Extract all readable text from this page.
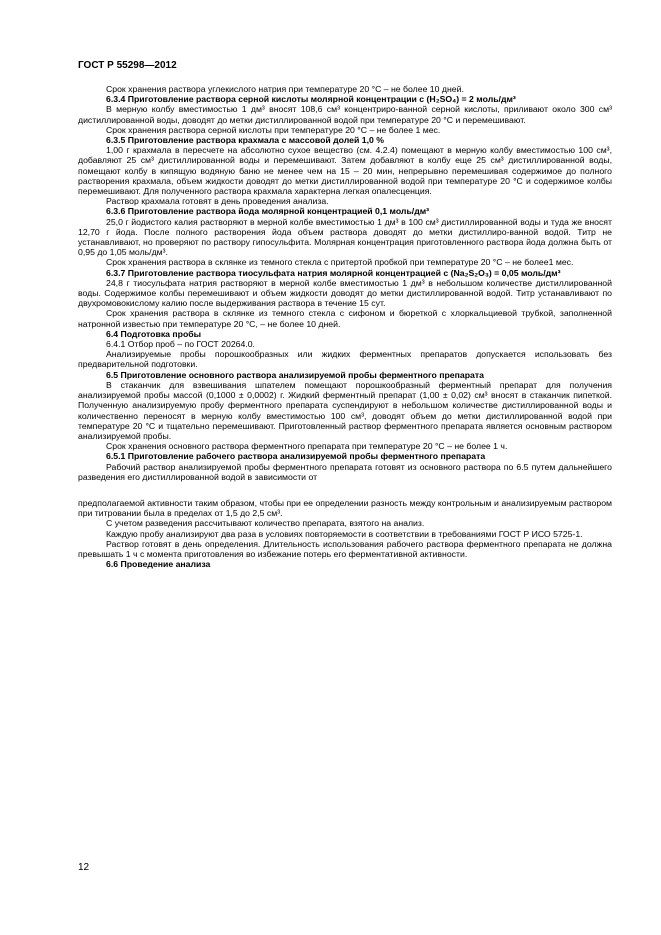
ГОСТ Р 55298—2012
Срок хранения раствора углекислого натрия при температуре 20 °С – не более 10 дней.
6.3.4 Приготовление раствора серной кислоты молярной концентрации с (H₂SO₄) = 2 моль/дм³
В мерную колбу вместимостью 1 дм³ вносят 108,6 см³ концентриро-ванной серной кислоты, приливают около 300 см³ дистиллированной воды, доводят до метки дистиллированной водой при температуре 20 °С и перемешивают.
Срок хранения раствора серной кислоты при температуре 20 °С – не более 1 мес.
6.3.5 Приготовление раствора крахмала с массовой долей 1,0 %
1,00 г крахмала в пересчете на абсолютно сухое вещество (см. 4.2.4) помещают в мерную колбу вместимостью 100 см³, добавляют 25 см³ дистиллированной воды и перемешивают. Затем добавляют в колбу еще 25 см³ дистиллированной воды, помещают колбу в кипящую водяную баню не менее чем на 15 – 20 мин, непрерывно перемешивая содержимое до полного растворения крахмала, объем жидкости доводят до метки дистиллированной водой при температуре 20 °С и содержимое колбы перемешивают. Для полученного раствора крахмала характерна легкая опалесценция.
Раствор крахмала готовят в день проведения анализа.
6.3.6 Приготовление раствора йода молярной концентрацией 0,1 моль/дм³
25,0 г йодистого калия растворяют в мерной колбе вместимостью 1 дм³ в 100 см³ дистиллированной воды и туда же вносят 12,70 г йода. После полного растворения йода объем раствора доводят до метки дистиллиро-ванной водой. Титр не устанавливают, но проверяют по раствору гипосульфита. Молярная концентрация приготовленного раствора йода должна быть от 0,95 до 1,05 моль/дм³.
Срок хранения раствора в склянке из темного стекла с притертой пробкой при температуре 20 °С – не более1 мес.
6.3.7 Приготовление раствора тиосульфата натрия молярной концентрацией с (Na₂S₂O₃) = 0,05 моль/дм³
24,8 г тиосульфата натрия растворяют в мерной колбе вместимостью 1 дм³ в небольшом количестве дистиллированной воды. Содержимое колбы перемешивают и объем жидкости доводят до метки дистиллированной водой. Титр устанавливают по двухромовокислому калию после выдерживания раствора в течение 15 сут.
Срок хранения раствора в склянке из темного стекла с сифоном и бюреткой с хлоркальциевой трубкой, заполненной натронной известью при температуре 20 °С, – не более 10 дней.
6.4 Подготовка пробы
6.4.1 Отбор проб – по ГОСТ 20264.0.
Анализируемые пробы порошкообразных или жидких ферментных препаратов допускается использовать без предварительной подготовки.
6.5 Приготовление основного раствора анализируемой пробы ферментного препарата
В стаканчик для взвешивания шпателем помещают порошкообразный ферментный препарат для получения анализируемой пробы массой (0,1000 ± 0,0002) г. Жидкий ферментный препарат (1,00 ± 0,02) см³ вносят в стаканчик пипеткой. Полученную анализируемую пробу ферментного препарата суспендируют в небольшом количестве дистиллированной воды и количественно переносят в мерную колбу вместимостью 100 см³, доводят объем до метки дистиллированной водой при температуре 20 °С и тщательно перемешивают. Приготовленный раствор ферментного препарата является основным раствором анализируемой пробы.
Срок хранения основного раствора ферментного препарата при температуре 20 °С – не более 1 ч.
6.5.1 Приготовление рабочего раствора анализируемой пробы ферментного препарата
Рабочий раствор анализируемой пробы ферментного препарата готовят из основного раствора по 6.5 путем дальнейшего разведения его дистиллированной водой в зависимости от
предполагаемой активности таким образом, чтобы при ее определении разность между контрольным и анализируемым раствором при титровании была в пределах от 1,5 до 2,5 см³.
С учетом разведения рассчитывают количество препарата, взятого на анализ.
Каждую пробу анализируют два раза в условиях повторяемости в соответствии в требованиями ГОСТ Р ИСО 5725-1.
Раствор готовят в день определения. Длительность использования рабочего раствора ферментного препарата не должна превышать 1 ч с момента приготовления во избежание потерь его ферментативной активности.
6.6 Проведение анализа
12
